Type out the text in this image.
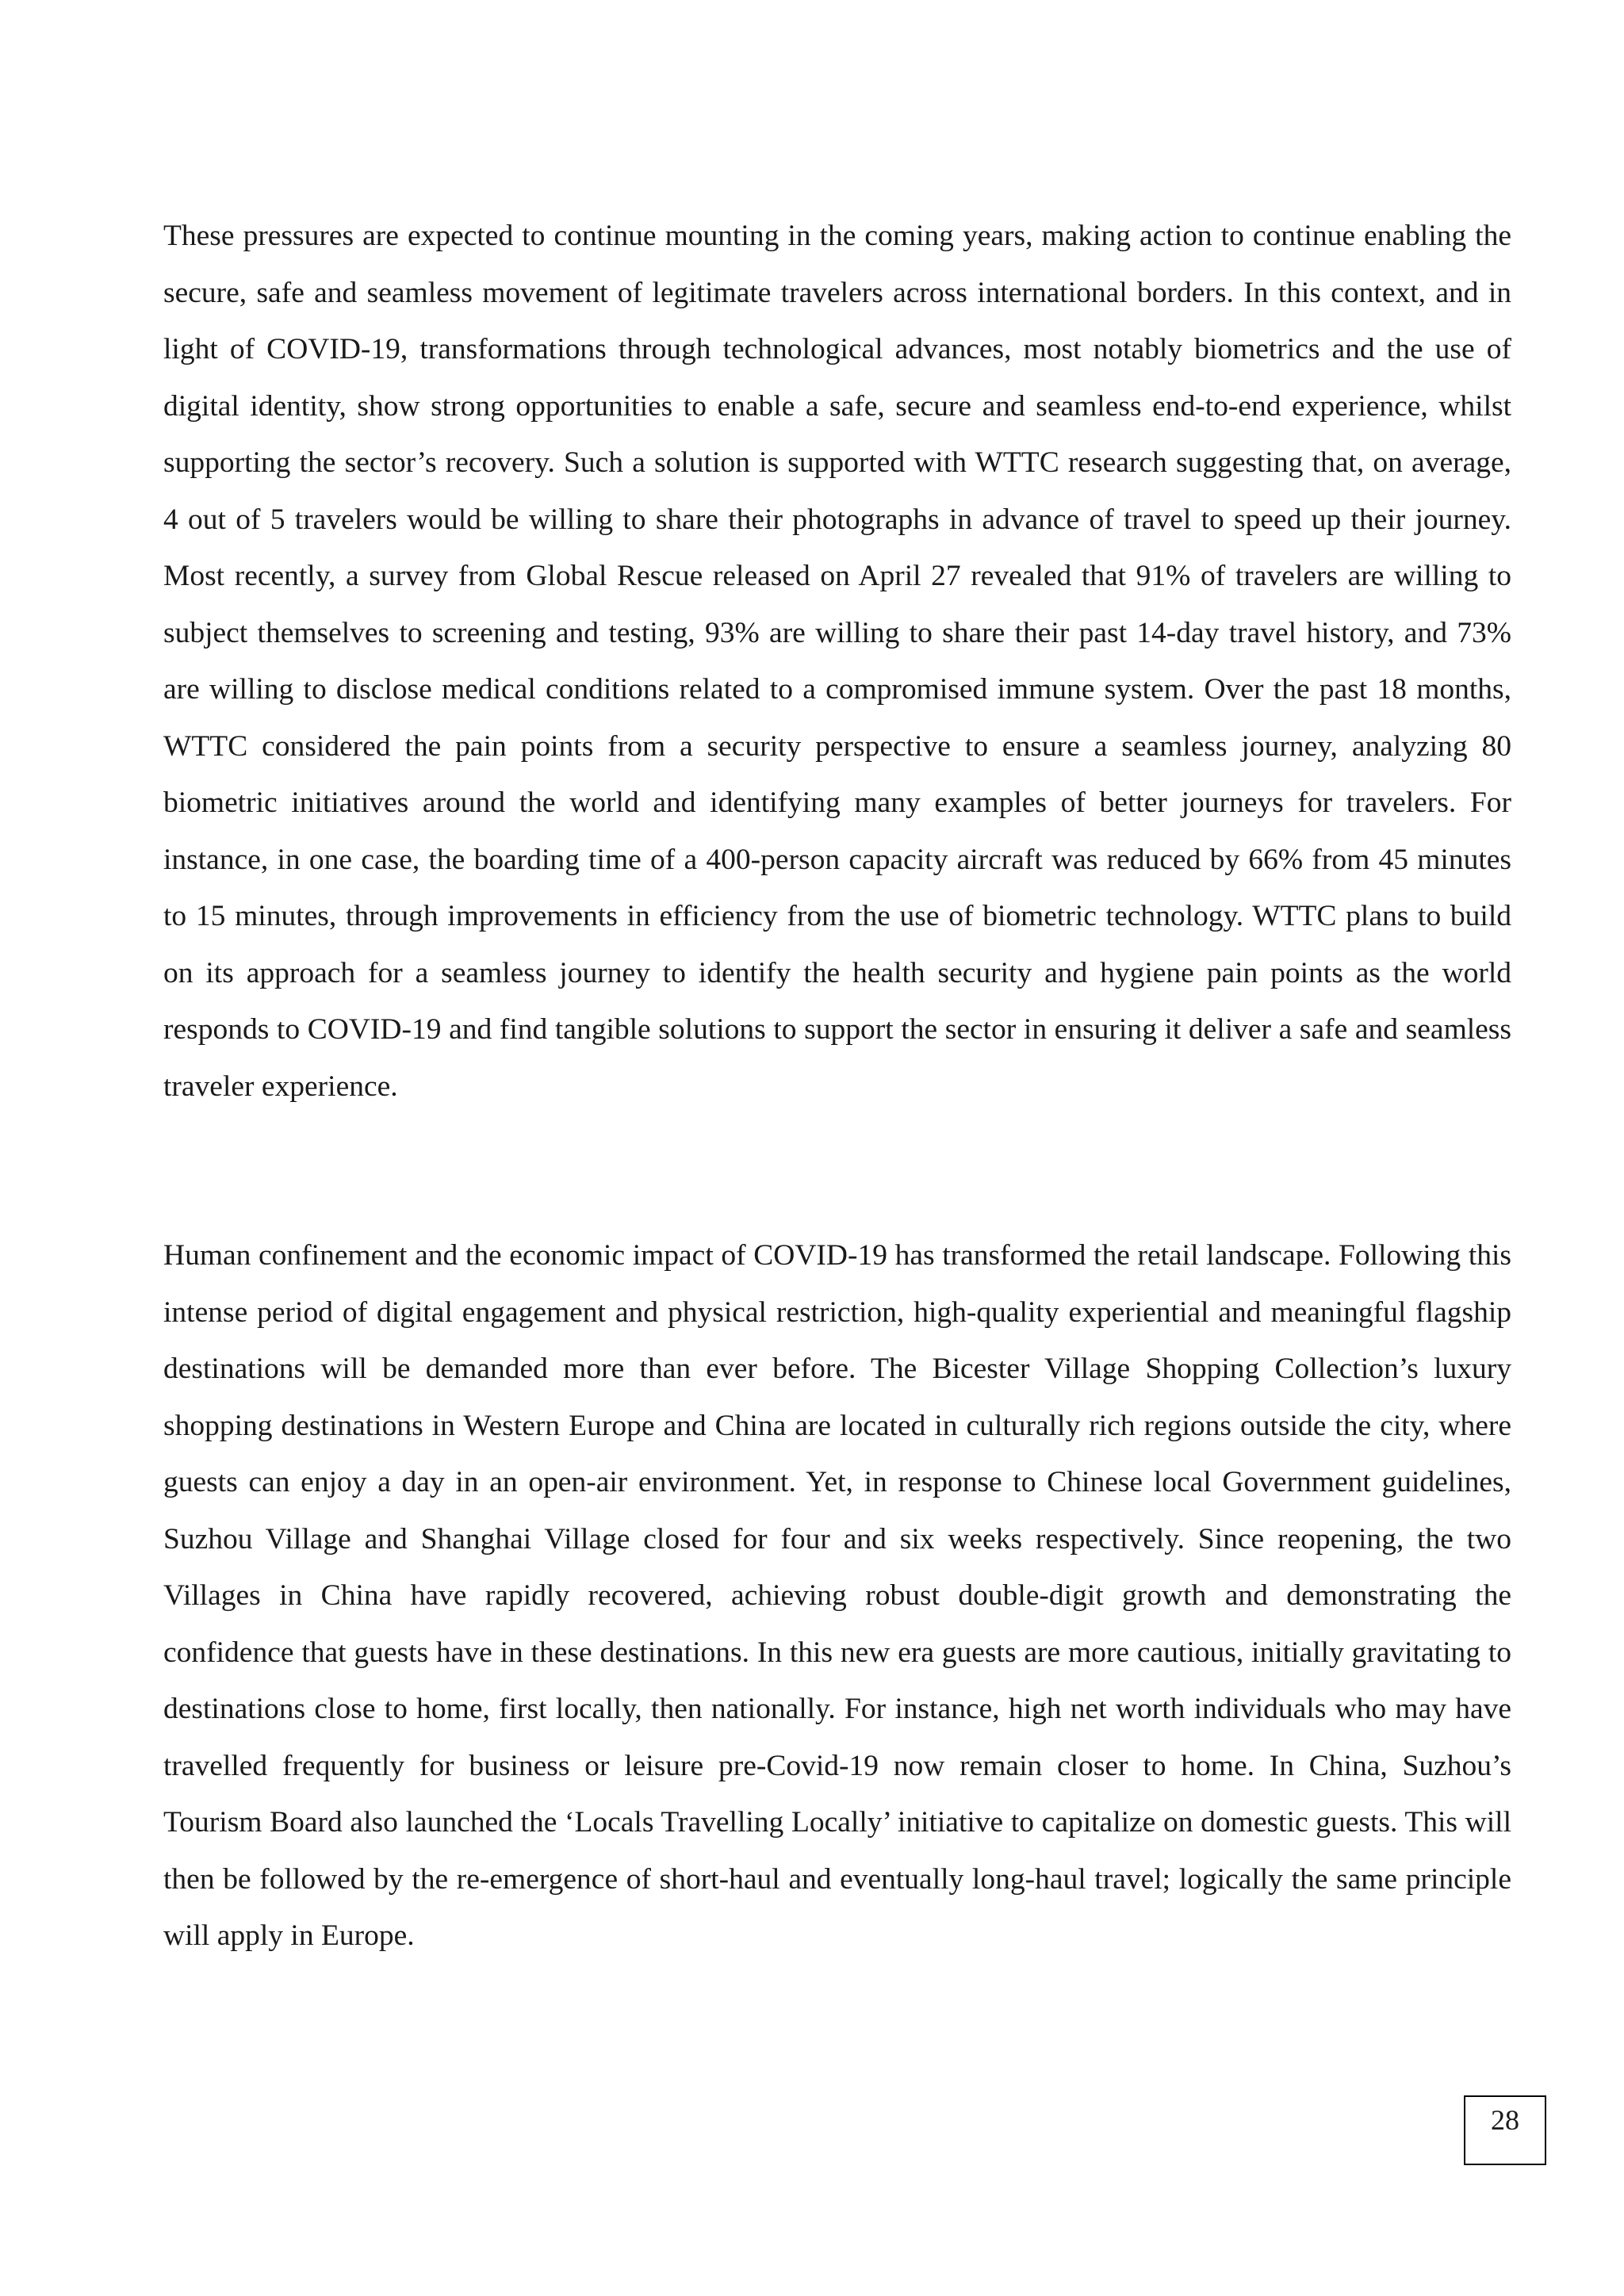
These pressures are expected to continue mounting in the coming years, making action to continue enabling the secure, safe and seamless movement of legitimate travelers across international borders. In this context, and in light of COVID-19, transformations through technological advances, most notably biometrics and the use of digital identity, show strong opportunities to enable a safe, secure and seamless end-to-end experience, whilst supporting the sector’s recovery. Such a solution is supported with WTTC research suggesting that, on average, 4 out of 5 travelers would be willing to share their photographs in advance of travel to speed up their journey. Most recently, a survey from Global Rescue released on April 27 revealed that 91% of travelers are willing to subject themselves to screening and testing, 93% are willing to share their past 14-day travel history, and 73% are willing to disclose medical conditions related to a compromised immune system. Over the past 18 months, WTTC considered the pain points from a security perspective to ensure a seamless journey, analyzing 80 biometric initiatives around the world and identifying many examples of better journeys for travelers. For instance, in one case, the boarding time of a 400-person capacity aircraft was reduced by 66% from 45 minutes to 15 minutes, through improvements in efficiency from the use of biometric technology. WTTC plans to build on its approach for a seamless journey to identify the health security and hygiene pain points as the world responds to COVID-19 and find tangible solutions to support the sector in ensuring it deliver a safe and seamless traveler experience.

Human confinement and the economic impact of COVID-19 has transformed the retail landscape. Following this intense period of digital engagement and physical restriction, high-quality experiential and meaningful flagship destinations will be demanded more than ever before. The Bicester Village Shopping Collection’s luxury shopping destinations in Western Europe and China are located in culturally rich regions outside the city, where guests can enjoy a day in an open-air environment. Yet, in response to Chinese local Government guidelines, Suzhou Village and Shanghai Village closed for four and six weeks respectively. Since reopening, the two Villages in China have rapidly recovered, achieving robust double-digit growth and demonstrating the confidence that guests have in these destinations. In this new era guests are more cautious, initially gravitating to destinations close to home, first locally, then nationally. For instance, high net worth individuals who may have travelled frequently for business or leisure pre-Covid-19 now remain closer to home. In China, Suzhou’s Tourism Board also launched the ‘Locals Travelling Locally’ initiative to capitalize on domestic guests. This will then be followed by the re-emergence of short-haul and eventually long-haul travel; logically the same principle will apply in Europe.

28
